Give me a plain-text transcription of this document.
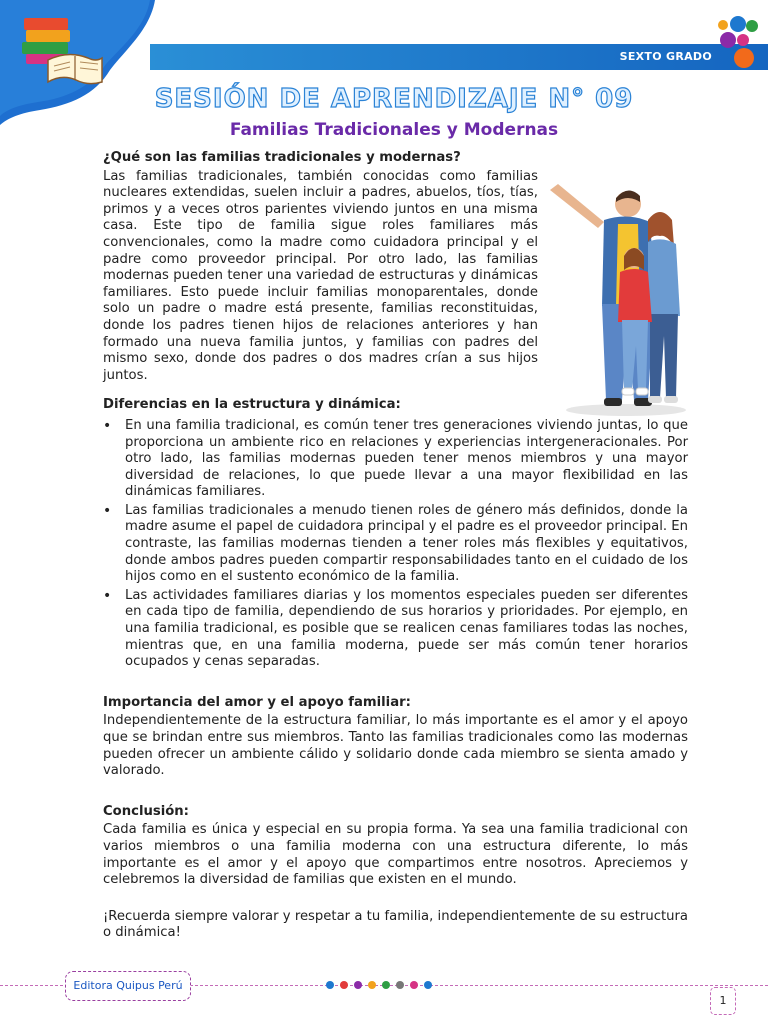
SEXTO GRADO
SESIÓN DE APRENDIZAJE N° 09
Familias Tradicionales y Modernas
¿Qué son las familias tradicionales y modernas?

Las familias tradicionales, también conocidas como familias nucleares extendidas, suelen incluir a padres, abuelos, tíos, tías, primos y a veces otros parientes viviendo juntos en una misma casa. Este tipo de familia sigue roles familiares más convencionales, como la madre como cuidadora principal y el padre como proveedor principal. Por otro lado, las familias modernas pueden tener una variedad de estructuras y dinámicas familiares. Esto puede incluir familias monoparentales, donde solo un padre o madre está presente, familias reconstituidas, donde los padres tienen hijos de relaciones anteriores y han formado una nueva familia juntos, y familias con padres del mismo sexo, donde dos padres o dos madres crían a sus hijos juntos.

Diferencias en la estructura y dinámica:
• En una familia tradicional, es común tener tres generaciones viviendo juntas, lo que proporciona un ambiente rico en relaciones y experiencias intergeneracionales. Por otro lado, las familias modernas pueden tener menos miembros y una mayor diversidad de relaciones, lo que puede llevar a una mayor flexibilidad en las dinámicas familiares.
• Las familias tradicionales a menudo tienen roles de género más definidos, donde la madre asume el papel de cuidadora principal y el padre es el proveedor principal. En contraste, las familias modernas tienden a tener roles más flexibles y equitativos, donde ambos padres pueden compartir responsabilidades tanto en el cuidado de los hijos como en el sustento económico de la familia.
• Las actividades familiares diarias y los momentos especiales pueden ser diferentes en cada tipo de familia, dependiendo de sus horarios y prioridades. Por ejemplo, en una familia tradicional, es posible que se realicen cenas familiares todas las noches, mientras que, en una familia moderna, puede ser más común tener horarios ocupados y cenas separadas.
Importancia del amor y el apoyo familiar:

Independientemente de la estructura familiar, lo más importante es el amor y el apoyo que se brindan entre sus miembros. Tanto las familias tradicionales como las modernas pueden ofrecer un ambiente cálido y solidario donde cada miembro se sienta amado y valorado.

Conclusión:

Cada familia es única y especial en su propia forma. Ya sea una familia tradicional con varios miembros o una familia moderna con una estructura diferente, lo más importante es el amor y el apoyo que compartimos entre nosotros. Apreciemos y celebremos la diversidad de familias que existen en el mundo.

¡Recuerda siempre valorar y respetar a tu familia, independientemente de su estructura o dinámica!

Editora Quipus Perú
1
